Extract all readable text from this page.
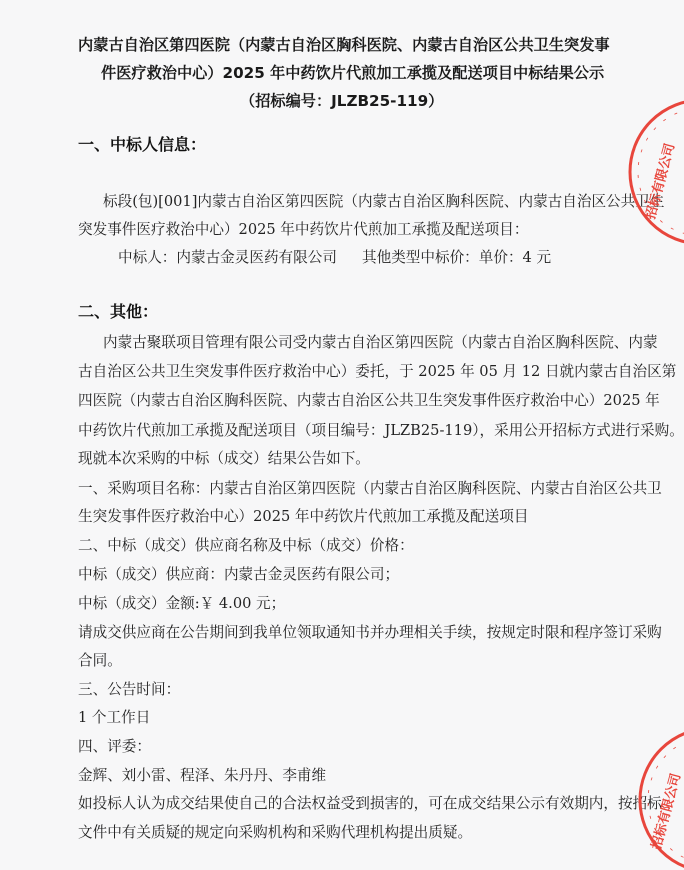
内蒙古自治区第四医院（内蒙古自治区胸科医院、内蒙古自治区公共卫生突发事
件医疗救治中心）2025 年中药饮片代煎加工承揽及配送项目中标结果公示
（招标编号：JLZB25-119）
一、中标人信息：
标段(包)[001]内蒙古自治区第四医院（内蒙古自治区胸科医院、内蒙古自治区公共卫生
突发事件医疗救治中心）2025 年中药饮片代煎加工承揽及配送项目：
中标人：内蒙古金灵医药有限公司 其他类型中标价：单价：4 元
二、其他：
内蒙古聚联项目管理有限公司受内蒙古自治区第四医院（内蒙古自治区胸科医院、内蒙
古自治区公共卫生突发事件医疗救治中心）委托，于 2025 年 05 月 12 日就内蒙古自治区第
四医院（内蒙古自治区胸科医院、内蒙古自治区公共卫生突发事件医疗救治中心）2025 年
中药饮片代煎加工承揽及配送项目（项目编号：JLZB25-119），采用公开招标方式进行采购。
现就本次采购的中标（成交）结果公告如下。
一、采购项目名称：内蒙古自治区第四医院（内蒙古自治区胸科医院、内蒙古自治区公共卫
生突发事件医疗救治中心）2025 年中药饮片代煎加工承揽及配送项目
二、中标（成交）供应商名称及中标（成交）价格：
中标（成交）供应商：内蒙古金灵医药有限公司；
中标（成交）金额:￥ 4.00 元；
请成交供应商在公告期间到我单位领取通知书并办理相关手续，按规定时限和程序签订采购
合同。
三、公告时间：
1 个工作日
四、评委：
金辉、刘小雷、程泽、朱丹丹、李甫维
如投标人认为成交结果使自己的合法权益受到损害的，可在成交结果公示有效期内，按招标
文件中有关质疑的规定向采购机构和采购代理机构提出质疑。
招标有限公司
招标有限公司
